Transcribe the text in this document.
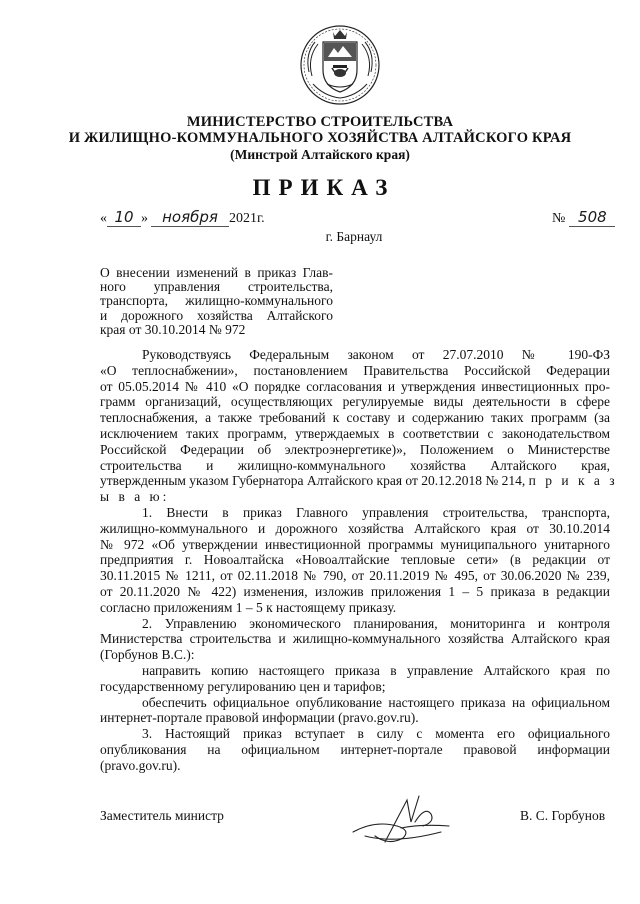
МИНИСТЕРСТВО СТРОИТЕЛЬСТВА
И ЖИЛИЩНО-КОММУНАЛЬНОГО ХОЗЯЙСТВА АЛТАЙСКОГО КРАЯ
(Минстрой Алтайского края)
ПРИКАЗ
« 10 » ноября 2021г.	№ 508
г. Барнаул
О внесении изменений в приказ Глав-
ного управления строительства,
транспорта, жилищно-коммунального
и дорожного хозяйства Алтайского
края от 30.10.2014 № 972
Руководствуясь Федеральным законом от 27.07.2010 № 190-ФЗ
«О теплоснабжении», постановлением Правительства Российской Федерации
от 05.05.2014 № 410 «О порядке согласования и утверждения инвестиционных про-
грамм организаций, осуществляющих регулируемые виды деятельности в сфере
теплоснабжения, а также требований к составу и содержанию таких программ (за
исключением таких программ, утверждаемых в соответствии с законодательством
Российской Федерации об электроэнергетике)», Положением о Министерстве
строительства и жилищно-коммунального хозяйства Алтайского края,
утвержденным указом Губернатора Алтайского края от 20.12.2018 № 214, п р и к а з
ы в а ю:
1. Внести в приказ Главного управления строительства, транспорта,
жилищно-коммунального и дорожного хозяйства Алтайского края от 30.10.2014
№ 972 «Об утверждении инвестиционной программы муниципального унитарного
предприятия г. Новоалтайска «Новоалтайские тепловые сети» (в редакции от
30.11.2015 № 1211, от 02.11.2018 № 790, от 20.11.2019 № 495, от 30.06.2020 № 239,
от 20.11.2020 № 422) изменения, изложив приложения 1 – 5 приказа в редакции
согласно приложениям 1 – 5 к настоящему приказу.
2. Управлению экономического планирования, мониторинга и контроля
Министерства строительства и жилищно-коммунального хозяйства Алтайского края
(Горбунов В.С.):
направить копию настоящего приказа в управление Алтайского края по
государственному регулированию цен и тарифов;
обеспечить официальное опубликование настоящего приказа на официальном
интернет-портале правовой информации (pravo.gov.ru).
3. Настоящий приказ вступает в силу с момента его официального
опубликования на официальном интернет-портале правовой информации
(pravo.gov.ru).
Заместитель министр	В. С. Горбунов
